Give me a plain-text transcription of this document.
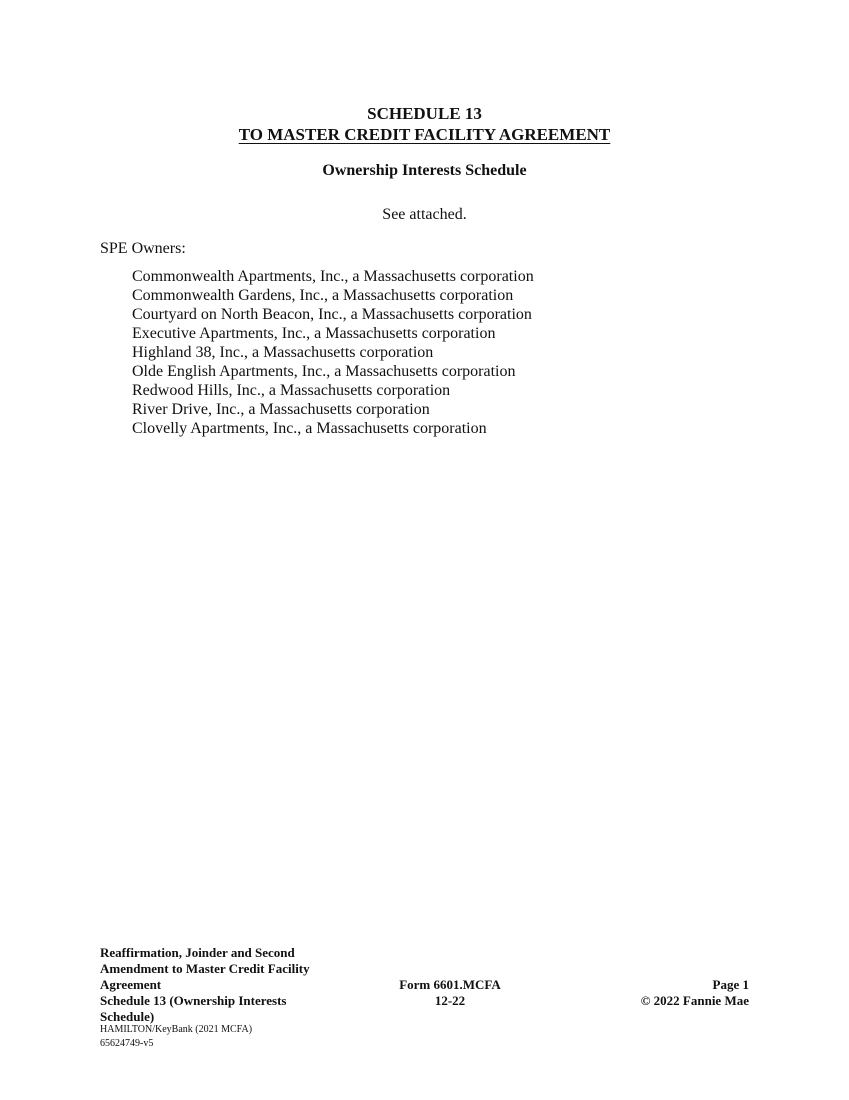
SCHEDULE 13
TO MASTER CREDIT FACILITY AGREEMENT
Ownership Interests Schedule
See attached.
SPE Owners:
Commonwealth Apartments, Inc., a Massachusetts corporation
Commonwealth Gardens, Inc., a Massachusetts corporation
Courtyard on North Beacon, Inc., a Massachusetts corporation
Executive Apartments, Inc., a Massachusetts corporation
Highland 38, Inc., a Massachusetts corporation
Olde English Apartments, Inc., a Massachusetts corporation
Redwood Hills, Inc., a Massachusetts corporation
River Drive, Inc., a Massachusetts corporation
Clovelly Apartments, Inc., a Massachusetts corporation
Reaffirmation, Joinder and Second
Amendment to Master Credit Facility
Agreement
Schedule 13 (Ownership Interests
Schedule)
HAMILTON/KeyBank (2021 MCFA)
65624749-v5
Form 6601.MCFA
12-22
Page 1
© 2022 Fannie Mae
